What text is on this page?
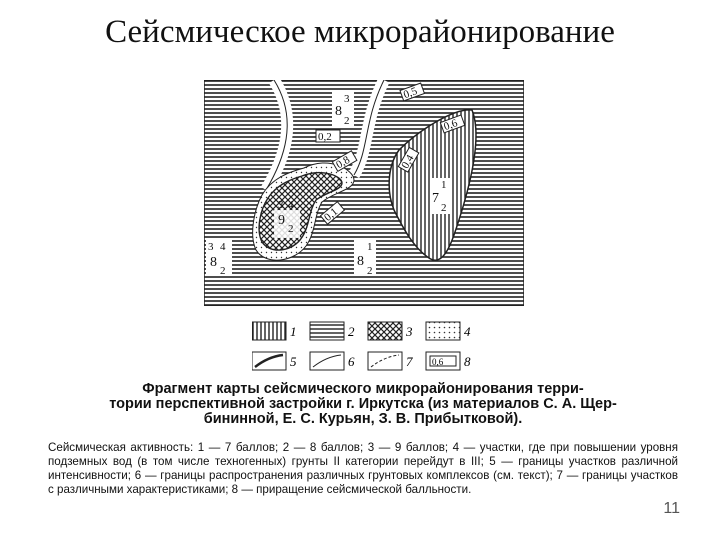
Сейсмическое микрорайонирование
0,2
0,5
0,6
0,4
0,8
0,1
3
8
2
1
7
2
3 4
9
2
3 4
8
2
1
8
2
1	2	3	4
5	6	7 0,6 8
Фрагмент карты сейсмического микрорайонирования терри-
тории перспективной застройки г. Иркутска (из материалов С. А. Щер-
бининной, Е. С. Курьян, З. В. Прибытковой).
Сейсмическая активность: 1 — 7 баллов; 2 — 8 баллов; 3 — 9 баллов; 4 — участки, где при повышении уровня подземных вод (в том числе техногенных) грунты II категории перейдут в III; 5 — границы участков различной интенсивности; 6 — границы распространения различных грунтовых комплексов (см. текст); 7 — границы участков с различными характеристиками; 8 — приращение сейсмической балльности.
11
